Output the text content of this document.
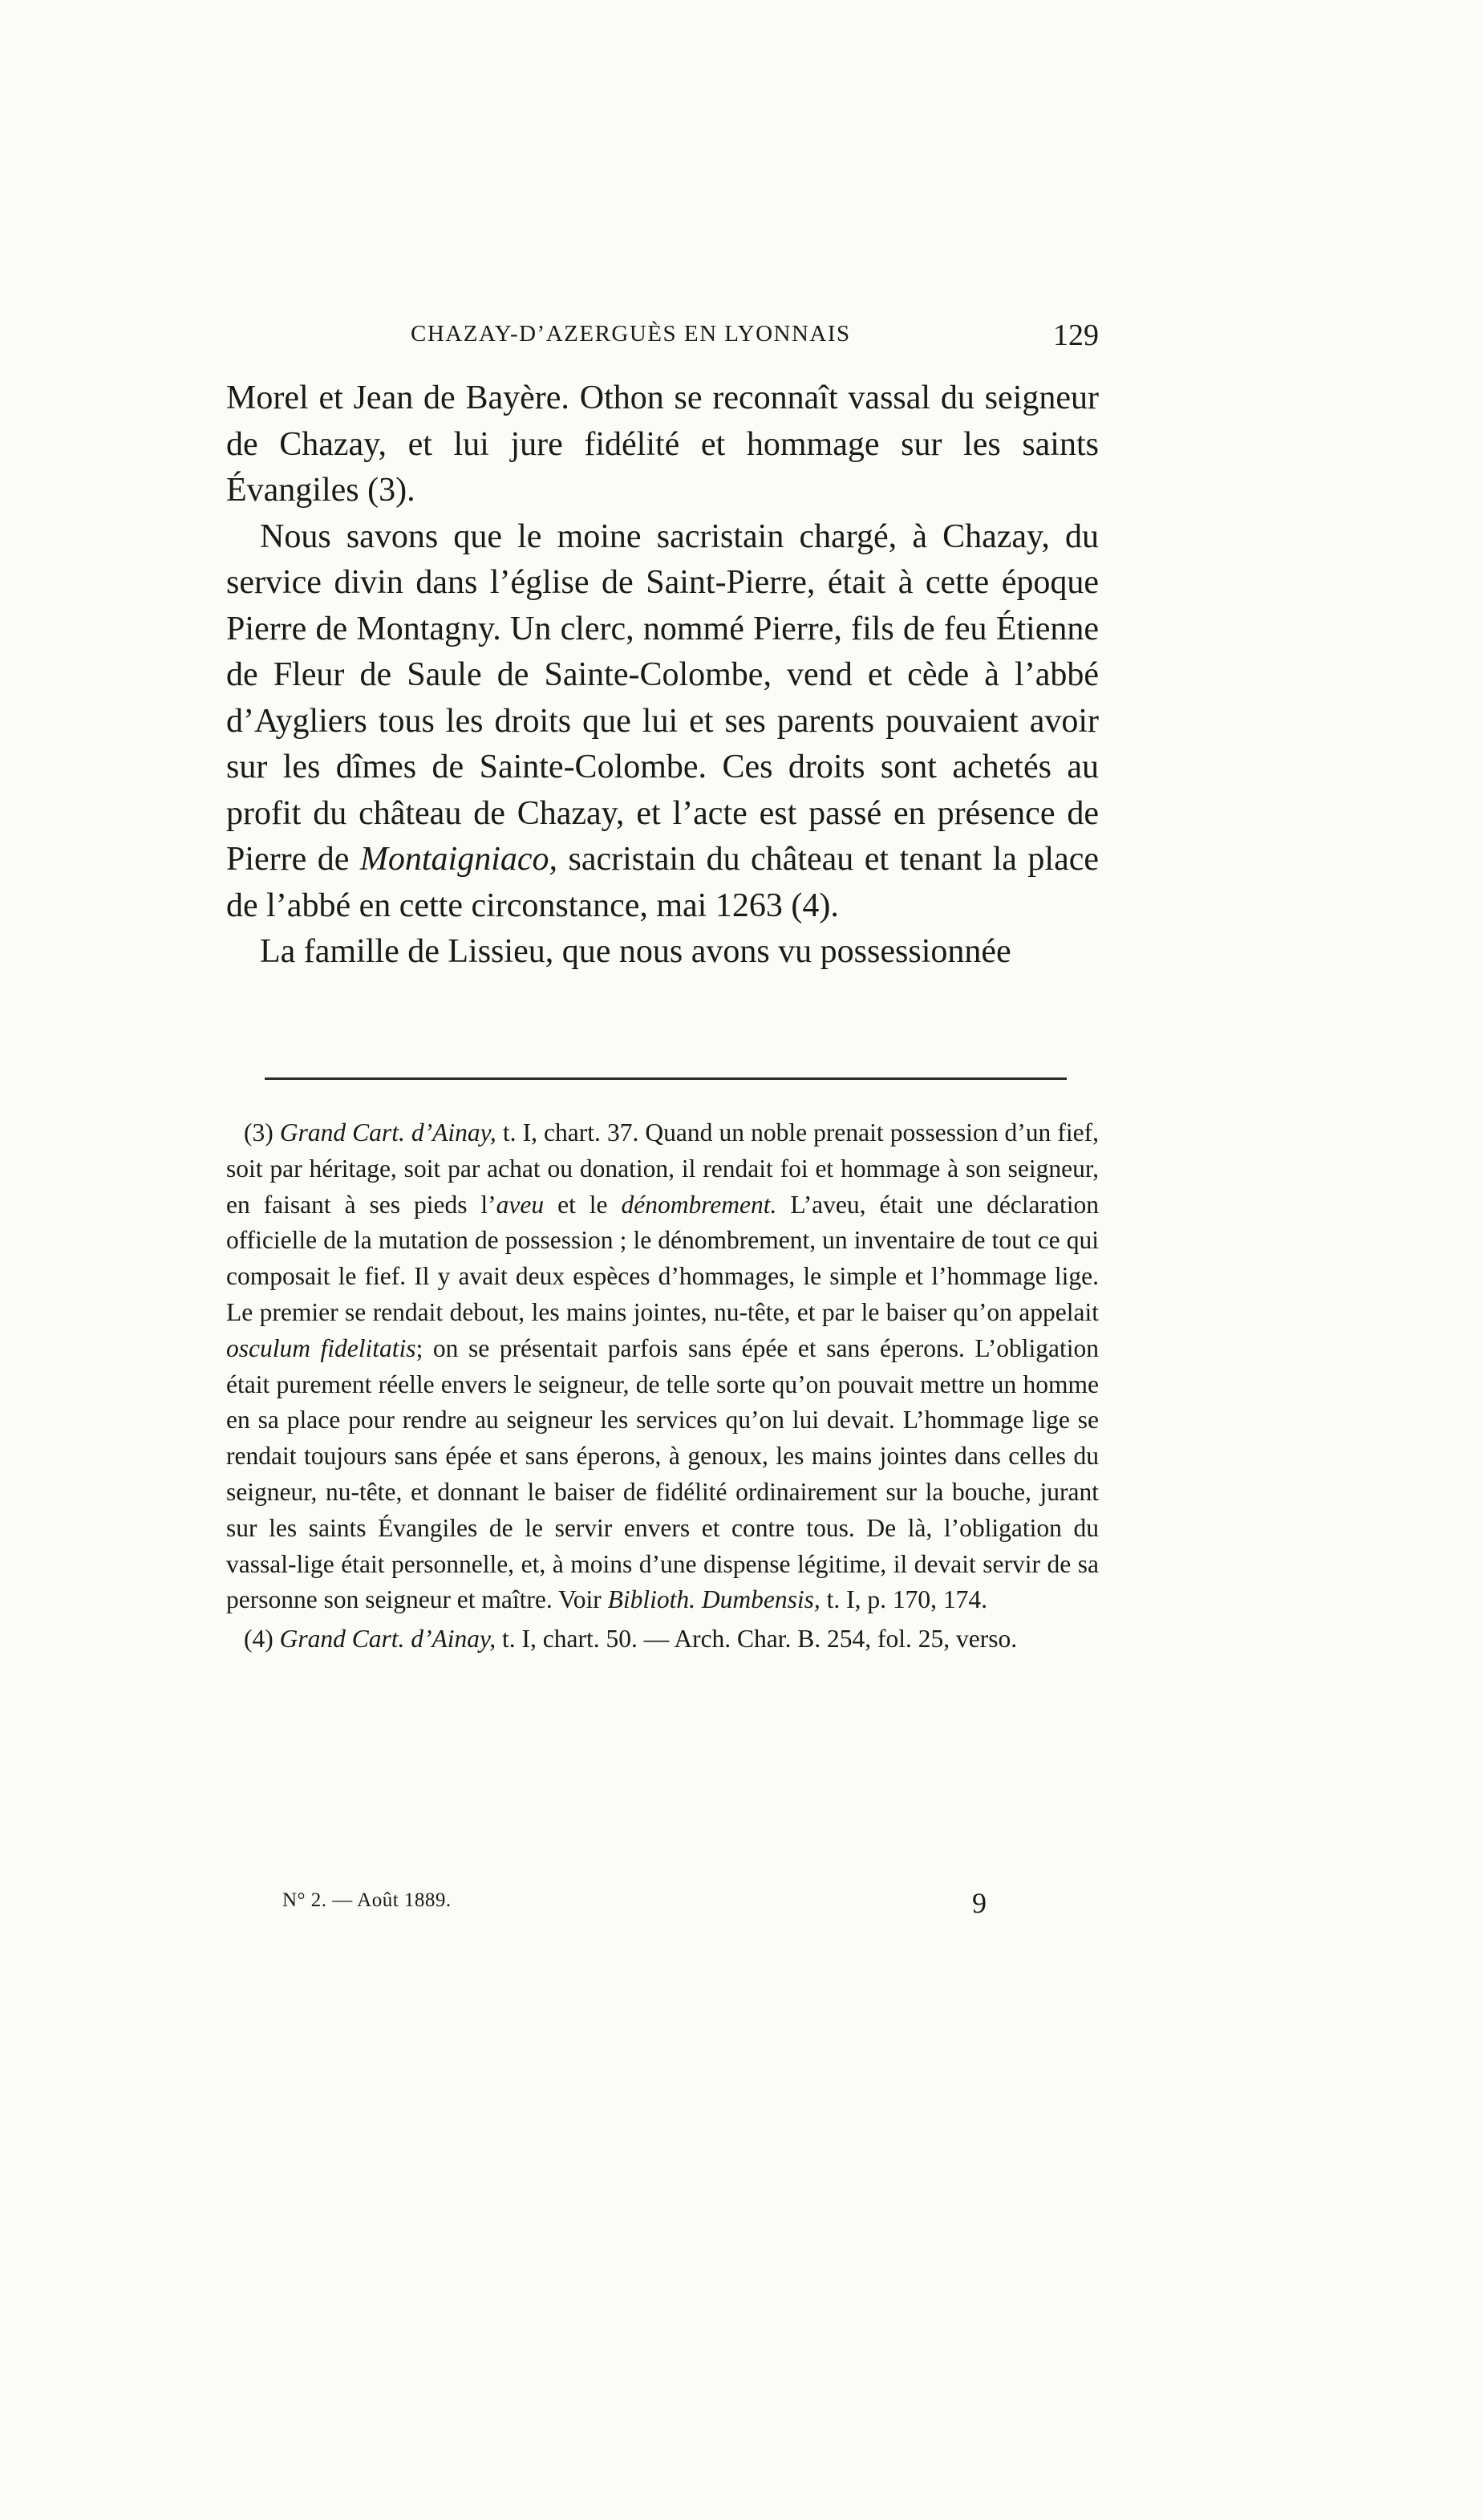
CHAZAY-D’AZERGUÈS EN LYONNAIS	129

Morel et Jean de Bayère. Othon se reconnaît vassal du seigneur de Chazay, et lui jure fidélité et hommage sur les saints Évangiles (3).

Nous savons que le moine sacristain chargé, à Chazay, du service divin dans l’église de Saint-Pierre, était à cette époque Pierre de Montagny. Un clerc, nommé Pierre, fils de feu Étienne de Fleur de Saule de Sainte-Colombe, vend et cède à l’abbé d’Aygliers tous les droits que lui et ses parents pouvaient avoir sur les dîmes de Sainte-Colombe. Ces droits sont achetés au profit du château de Chazay, et l’acte est passé en présence de Pierre de Montaigniaco, sacristain du château et tenant la place de l’abbé en cette circonstance, mai 1263 (4).

La famille de Lissieu, que nous avons vu possessionnée

(3) Grand Cart. d’Ainay, t. I, chart. 37. Quand un noble prenait possession d’un fief, soit par héritage, soit par achat ou donation, il rendait foi et hommage à son seigneur, en faisant à ses pieds l’aveu et le dénombrement. L’aveu, était une déclaration officielle de la mutation de possession ; le dénombrement, un inventaire de tout ce qui composait le fief. Il y avait deux espèces d’hommages, le simple et l’hommage lige. Le premier se rendait debout, les mains jointes, nu-tête, et par le baiser qu’on appelait osculum fidelitatis; on se présentait parfois sans épée et sans éperons. L’obligation était purement réelle envers le seigneur, de telle sorte qu’on pouvait mettre un homme en sa place pour rendre au seigneur les services qu’on lui devait. L’hommage lige se rendait toujours sans épée et sans éperons, à genoux, les mains jointes dans celles du seigneur, nu-tête, et donnant le baiser de fidélité ordinairement sur la bouche, jurant sur les saints Évangiles de le servir envers et contre tous. De là, l’obligation du vassal-lige était personnelle, et, à moins d’une dispense légitime, il devait servir de sa personne son seigneur et maître. Voir Biblioth. Dumbensis, t. I, p. 170, 174.

(4) Grand Cart. d’Ainay, t. I, chart. 50. — Arch. Char. B. 254, fol. 25, verso.

N° 2. — Août 1889.	9
